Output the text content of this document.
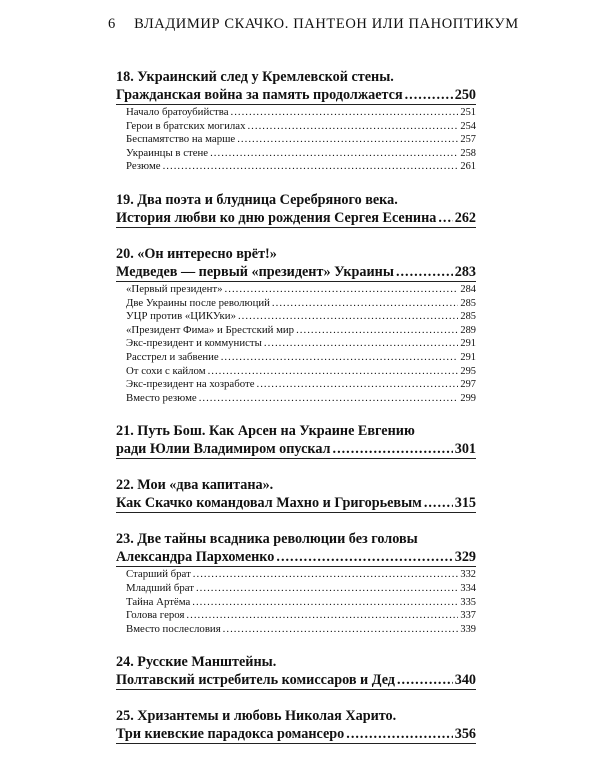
6 ВЛАДИМИР СКАЧКО. ПАНТЕОН ИЛИ ПАНОПТИКУМ
18. Украинский след у Кремлевской стены.
Гражданская война за память продолжается .....	250
Начало братоубийства .....	251
Герои в братских могилах .....	254
Беспамятство на марше .....	257
Украинцы в стене .....	258
Резюме .....	261
19. Два поэта и блудница Серебряного века.
История любви ко дню рождения Сергея Есенина ..... 262
20. «Он интересно врёт!»
Медведев — первый «президент» Украины .....	283
«Первый президент» .....	284
Две Украины после революций .....	285
УЦР против «ЦИКУки» .....	285
«Президент Фима» и Брестский мир .....	289
Экс-президент и коммунисты .....	291
Расстрел и забвение .....	291
От сохи с кайлом .....	295
Экс-президент на хозработе .....	297
Вместо резюме .....	299
21. Путь Бош. Как Арсен на Украине Евгению
ради Юлии Владимиром опускал .....	301
22. Мои «два капитана».
Как Скачко командовал Махно и Григорьевым ..... 315
23. Две тайны всадника революции без головы
Александра Пархоменко .....	329
Старший брат .....	332
Младший брат .....	334
Тайна Артёма .....	335
Голова героя .....	337
Вместо послесловия .....	339
24. Русские Манштейны.
Полтавский истребитель комиссаров и Дед .....	340
25. Хризантемы и любовь Николая Харито.
Три киевские парадокса романсеро .....	356
